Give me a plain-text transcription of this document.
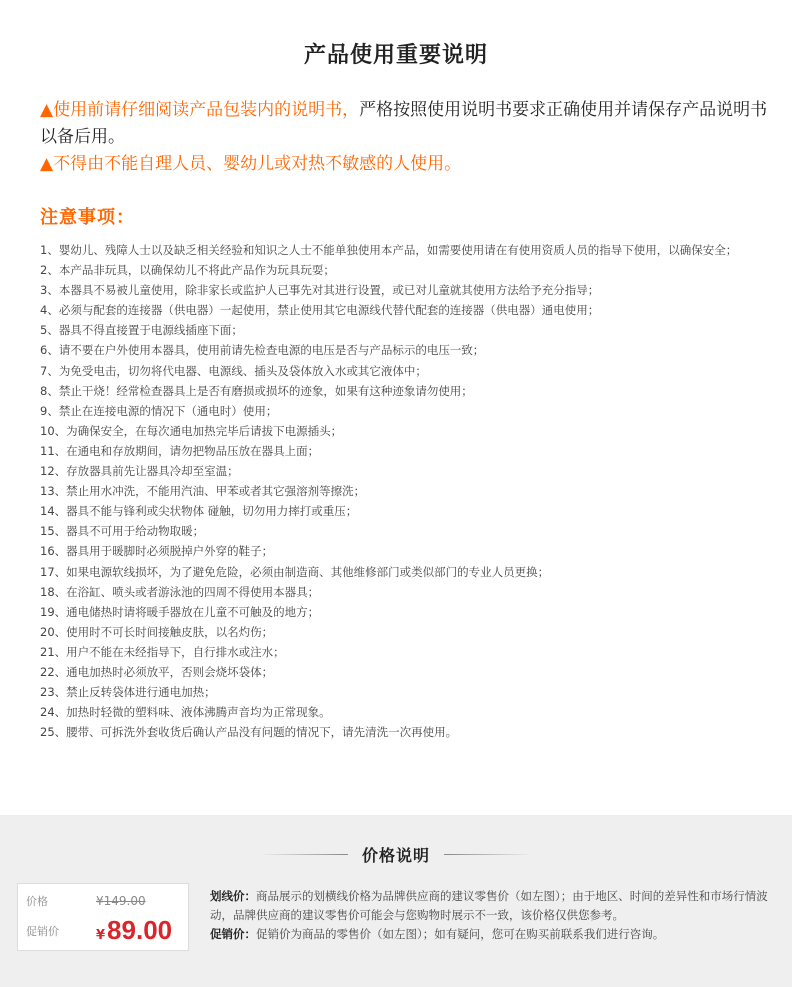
产品使用重要说明
▲使用前请仔细阅读产品包装内的说明书，严格按照使用说明书要求正确使用并请保存产品说明书以备后用。
▲不得由不能自理人员、婴幼儿或对热不敏感的人使用。
注意事项：
1、婴幼儿、残障人士以及缺乏相关经验和知识之人士不能单独使用本产品，如需要使用请在有使用资质人员的指导下使用，以确保安全；
2、本产品非玩具，以确保幼儿不将此产品作为玩具玩耍；
3、本器具不易被儿童使用，除非家长或监护人已事先对其进行设置，或已对儿童就其使用方法给予充分指导；
4、必须与配套的连接器（供电器）一起使用，禁止使用其它电源线代替代配套的连接器（供电器）通电使用；
5、器具不得直接置于电源线插座下面；
6、请不要在户外使用本器具，使用前请先检查电源的电压是否与产品标示的电压一致；
7、为免受电击，切勿将代电器、电源线、插头及袋体放入水或其它液体中；
8、禁止干烧！经常检查器具上是否有磨损或损坏的迹象，如果有这种迹象请勿使用；
9、禁止在连接电源的情况下（通电时）使用；
10、为确保安全，在每次通电加热完毕后请拔下电源插头；
11、在通电和存放期间，请勿把物品压放在器具上面；
12、存放器具前先让器具冷却至室温；
13、禁止用水冲洗，不能用汽油、甲苯或者其它强溶剂等擦洗；
14、器具不能与锋利或尖状物体 碰触，切勿用力摔打或重压；
15、器具不可用于给动物取暖；
16、器具用于暖脚时必须脱掉户外穿的鞋子；
17、如果电源软线损坏，为了避免危险，必须由制造商、其他维修部门或类似部门的专业人员更换；
18、在浴缸、喷头或者游泳池的四周不得使用本器具；
19、通电储热时请将暖手器放在儿童不可触及的地方；
20、使用时不可长时间接触皮肤，以名灼伤；
21、用户不能在未经指导下，自行排水或注水；
22、通电加热时必须放平，否则会烧坏袋体；
23、禁止反转袋体进行通电加热；
24、加热时轻微的塑料味、液体沸腾声音均为正常现象。
25、腰带、可拆洗外套收货后确认产品没有问题的情况下，请先清洗一次再使用。
价格说明
价格	¥149.00
促销价	¥ 89.00
划线价：商品展示的划横线价格为品牌供应商的建议零售价（如左图）；由于地区、时间的差异性和市场行情波动，品牌供应商的建议零售价可能会与您购物时展示不一致，该价格仅供您参考。
促销价：促销价为商品的零售价（如左图）；如有疑问，您可在购买前联系我们进行咨询。
